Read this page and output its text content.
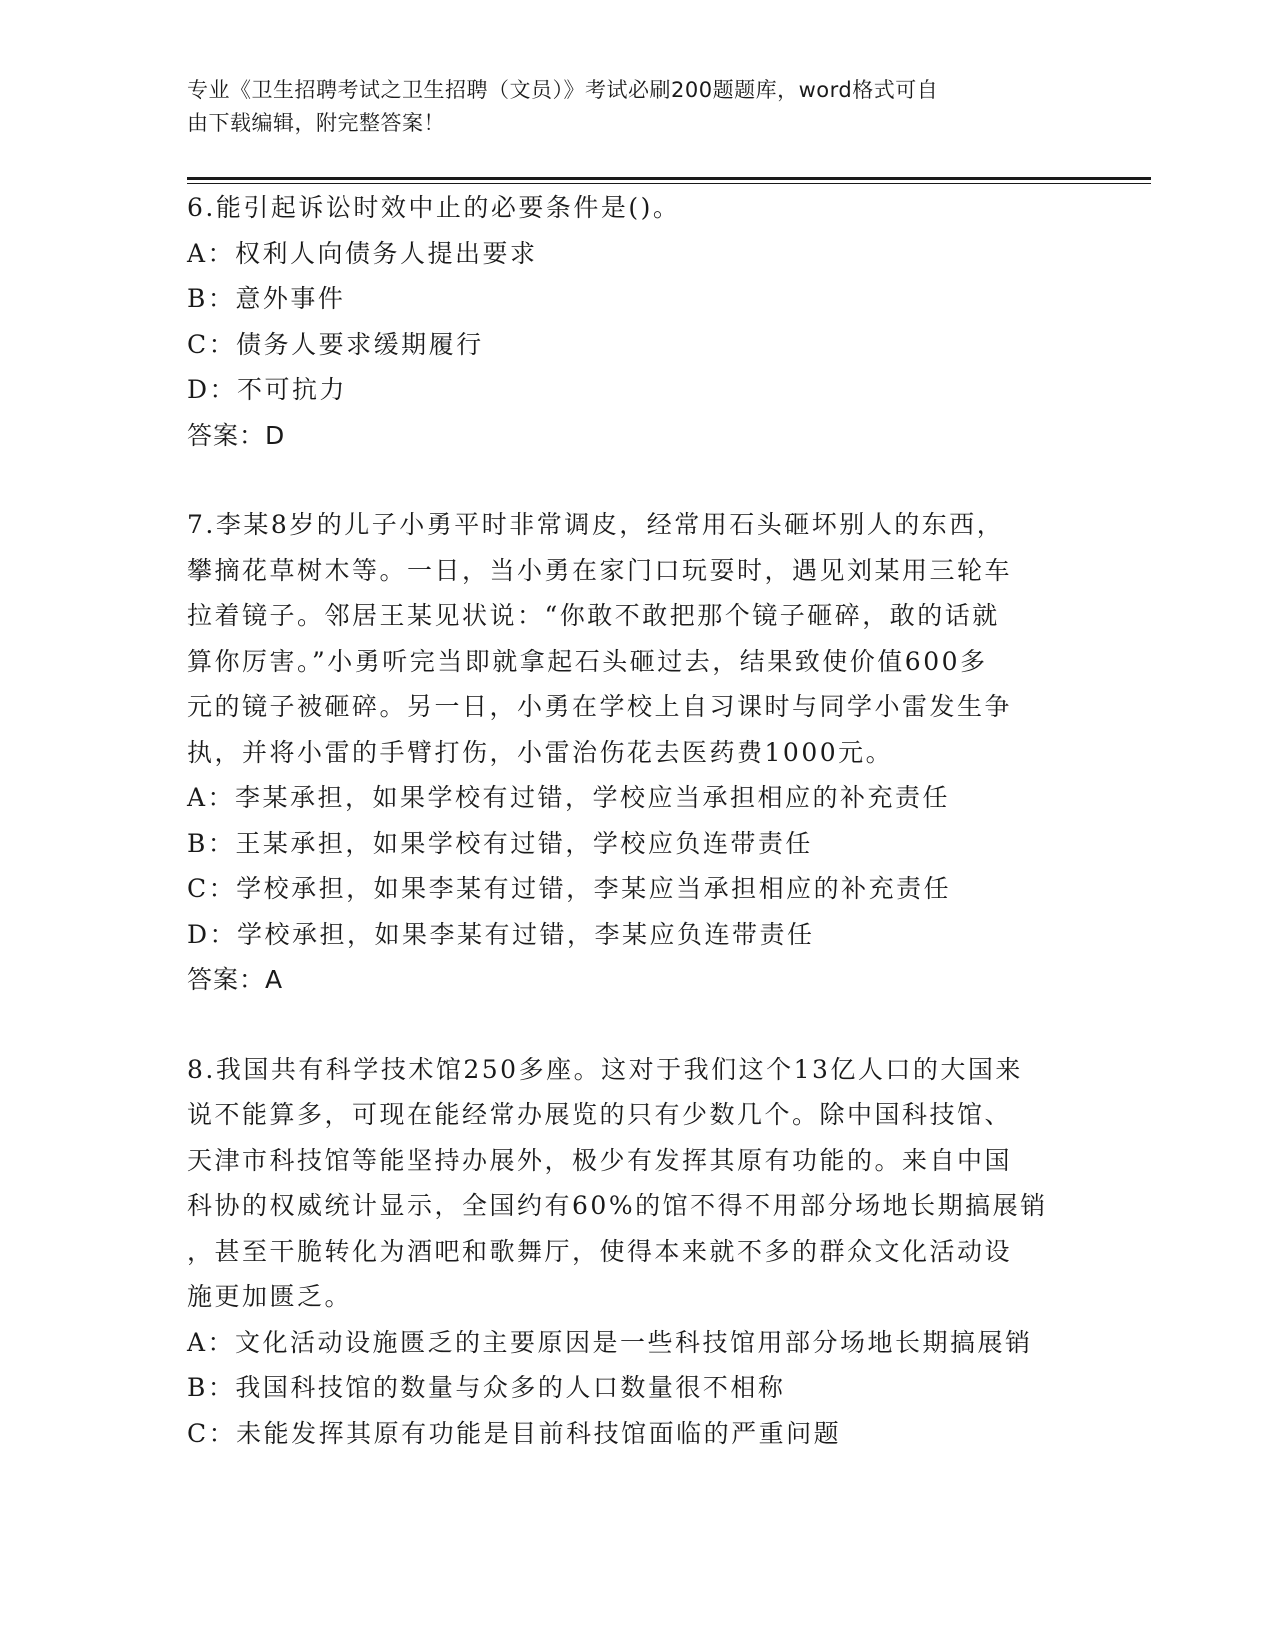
专业《卫生招聘考试之卫生招聘（文员）》考试必刷200题题库，word格式可自
由下载编辑，附完整答案！
6.能引起诉讼时效中止的必要条件是()。
A：权利人向债务人提出要求
B：意外事件
C：债务人要求缓期履行
D：不可抗力
答案：D
7.李某8岁的儿子小勇平时非常调皮，经常用石头砸坏别人的东西，
攀摘花草树木等。一日，当小勇在家门口玩耍时，遇见刘某用三轮车
拉着镜子。邻居王某见状说：“你敢不敢把那个镜子砸碎，敢的话就
算你厉害。”小勇听完当即就拿起石头砸过去，结果致使价值600多
元的镜子被砸碎。另一日，小勇在学校上自习课时与同学小雷发生争
执，并将小雷的手臂打伤，小雷治伤花去医药费1000元。
A：李某承担，如果学校有过错，学校应当承担相应的补充责任
B：王某承担，如果学校有过错，学校应负连带责任
C：学校承担，如果李某有过错，李某应当承担相应的补充责任
D：学校承担，如果李某有过错，李某应负连带责任
答案：A
8.我国共有科学技术馆250多座。这对于我们这个13亿人口的大国来
说不能算多，可现在能经常办展览的只有少数几个。除中国科技馆、
天津市科技馆等能坚持办展外，极少有发挥其原有功能的。来自中国
科协的权威统计显示，全国约有60%的馆不得不用部分场地长期搞展销
，甚至干脆转化为酒吧和歌舞厅，使得本来就不多的群众文化活动设
施更加匮乏。
A：文化活动设施匮乏的主要原因是一些科技馆用部分场地长期搞展销
B：我国科技馆的数量与众多的人口数量很不相称
C：未能发挥其原有功能是目前科技馆面临的严重问题
